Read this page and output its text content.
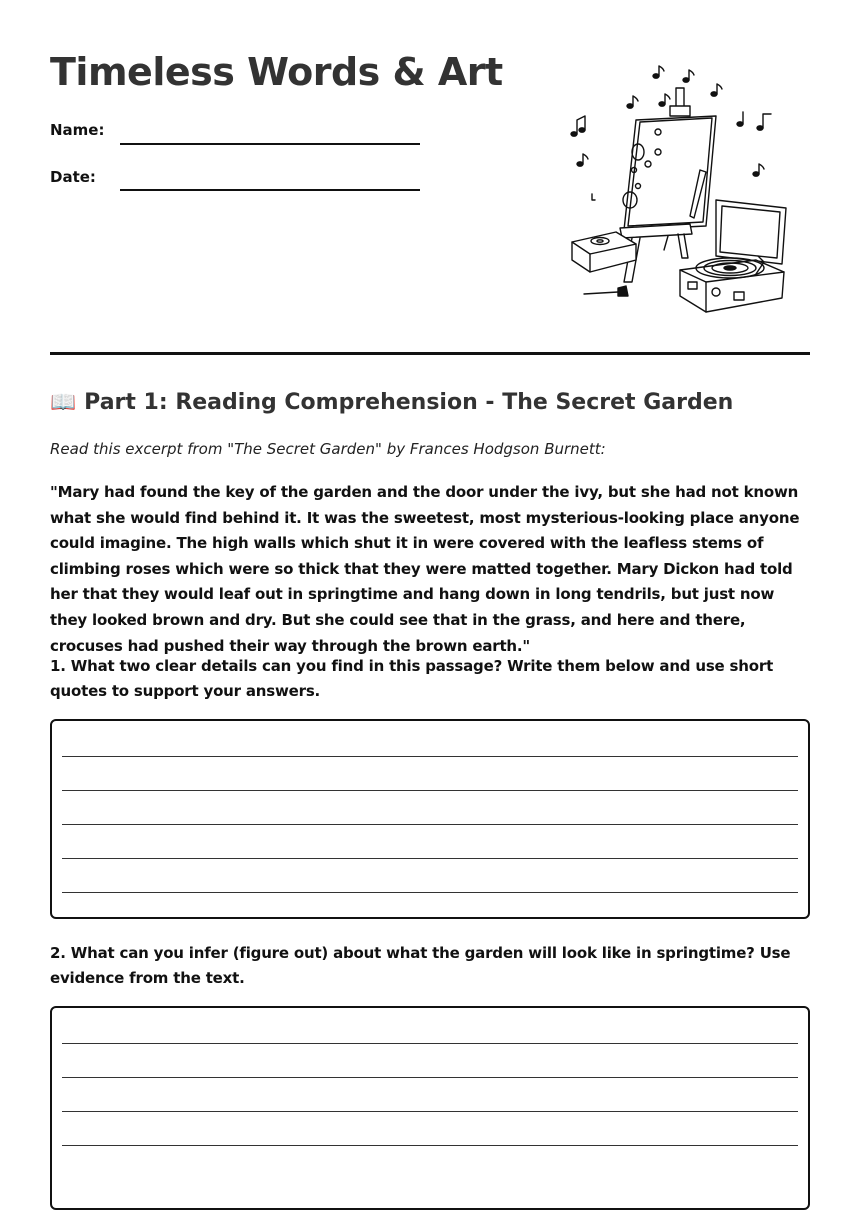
Timeless Words & Art
Name:
Date:
📖 Part 1: Reading Comprehension - The Secret Garden
Read this excerpt from "The Secret Garden" by Frances Hodgson Burnett:
"Mary had found the key of the garden and the door under the ivy, but she had not known what she would find behind it. It was the sweetest, most mysterious-looking place anyone could imagine. The high walls which shut it in were covered with the leafless stems of climbing roses which were so thick that they were matted together. Mary Dickon had told her that they would leaf out in springtime and hang down in long tendrils, but just now they looked brown and dry. But she could see that in the grass, and here and there, crocuses had pushed their way through the brown earth."
1. What two clear details can you find in this passage? Write them below and use short quotes to support your answers.
2. What can you infer (figure out) about what the garden will look like in springtime? Use evidence from the text.
